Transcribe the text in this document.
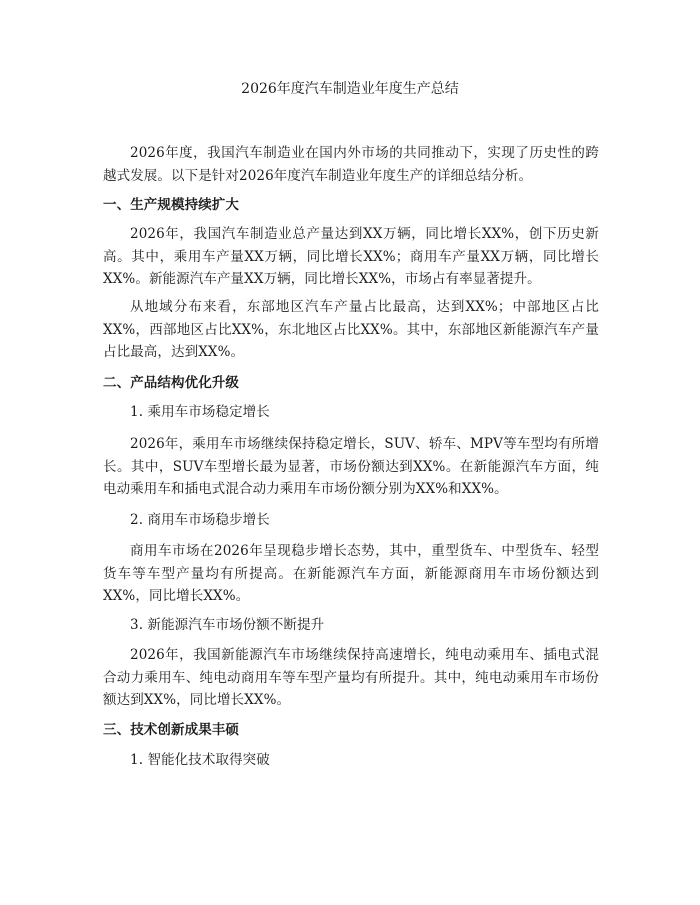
2026年度汽车制造业年度生产总结
2026年度，我国汽车制造业在国内外市场的共同推动下，实现了历史性的跨越式发展。以下是针对2026年度汽车制造业年度生产的详细总结分析。
一、生产规模持续扩大
2026年，我国汽车制造业总产量达到XX万辆，同比增长XX%，创下历史新高。其中，乘用车产量XX万辆，同比增长XX%；商用车产量XX万辆，同比增长XX%。新能源汽车产量XX万辆，同比增长XX%，市场占有率显著提升。
从地域分布来看，东部地区汽车产量占比最高，达到XX%；中部地区占比XX%，西部地区占比XX%，东北地区占比XX%。其中，东部地区新能源汽车产量占比最高，达到XX%。
二、产品结构优化升级
1. 乘用车市场稳定增长
2026年，乘用车市场继续保持稳定增长，SUV、轿车、MPV等车型均有所增长。其中，SUV车型增长最为显著，市场份额达到XX%。在新能源汽车方面，纯电动乘用车和插电式混合动力乘用车市场份额分别为XX%和XX%。
2. 商用车市场稳步增长
商用车市场在2026年呈现稳步增长态势，其中，重型货车、中型货车、轻型货车等车型产量均有所提高。在新能源汽车方面，新能源商用车市场份额达到XX%，同比增长XX%。
3. 新能源汽车市场份额不断提升
2026年，我国新能源汽车市场继续保持高速增长，纯电动乘用车、插电式混合动力乘用车、纯电动商用车等车型产量均有所提升。其中，纯电动乘用车市场份额达到XX%，同比增长XX%。
三、技术创新成果丰硕
1. 智能化技术取得突破
